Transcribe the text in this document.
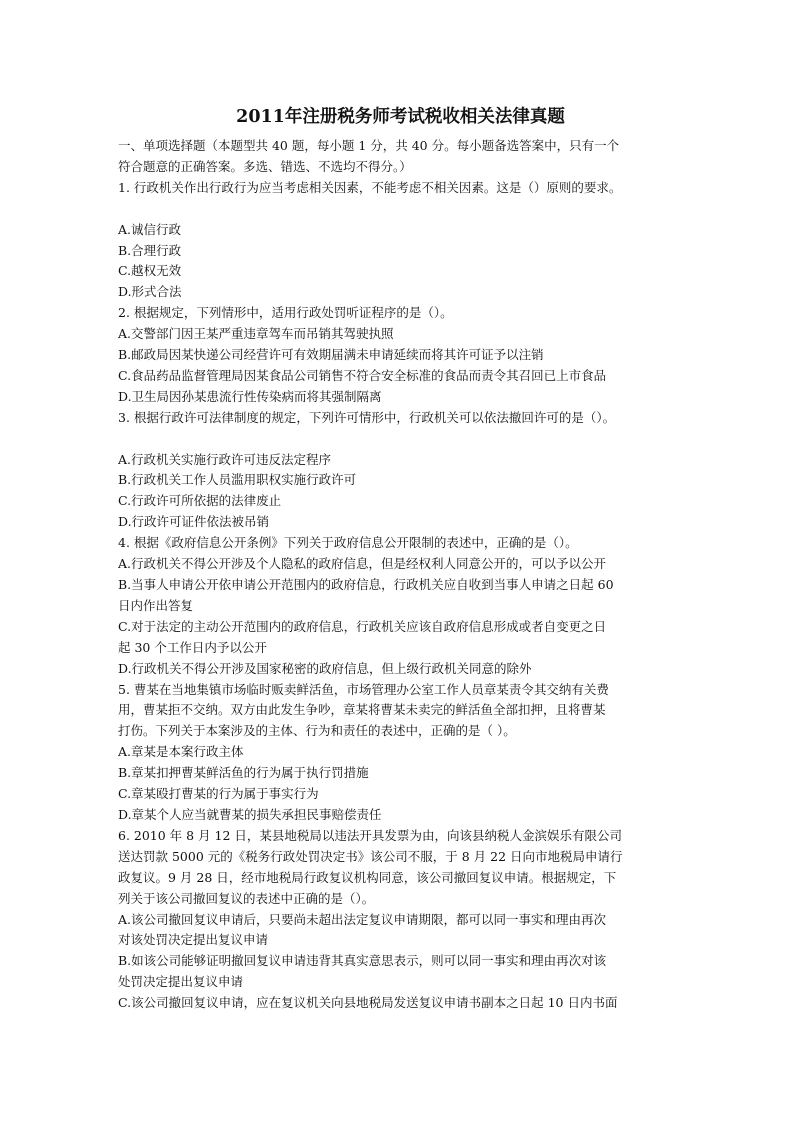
2011年注册税务师考试税收相关法律真题
一、单项选择题（本题型共 40 题，每小题 1 分，共 40 分。每小题备选答案中，只有一个
符合题意的正确答案。多选、错选、不选均不得分。）
1. 行政机关作出行政行为应当考虑相关因素，不能考虑不相关因素。这是（）原则的要求。
A.诚信行政
B.合理行政
C.越权无效
D.形式合法
2. 根据规定，下列情形中，适用行政处罚听证程序的是（）。
A.交警部门因王某严重违章驾车而吊销其驾驶执照
B.邮政局因某快递公司经营许可有效期届满未申请延续而将其许可证予以注销
C.食品药品监督管理局因某食品公司销售不符合安全标准的食品而责令其召回已上市食品
D.卫生局因孙某患流行性传染病而将其强制隔离
3. 根据行政许可法律制度的规定，下列许可情形中，行政机关可以依法撤回许可的是（）。
A.行政机关实施行政许可违反法定程序
B.行政机关工作人员滥用职权实施行政许可
C.行政许可所依据的法律废止
D.行政许可证件依法被吊销
4. 根据《政府信息公开条例》下列关于政府信息公开限制的表述中，正确的是（）。
A.行政机关不得公开涉及个人隐私的政府信息，但是经权利人同意公开的，可以予以公开
B.当事人申请公开依申请公开范围内的政府信息，行政机关应自收到当事人申请之日起 60
日内作出答复
C.对于法定的主动公开范围内的政府信息，行政机关应该自政府信息形成或者自变更之日
起 30 个工作日内予以公开
D.行政机关不得公开涉及国家秘密的政府信息，但上级行政机关同意的除外
5. 曹某在当地集镇市场临时贩卖鲜活鱼，市场管理办公室工作人员章某责令其交纳有关费
用，曹某拒不交纳。双方由此发生争吵，章某将曹某未卖完的鲜活鱼全部扣押，且将曹某
打伤。下列关于本案涉及的主体、行为和责任的表述中，正确的是（ ）。
A.章某是本案行政主体
B.章某扣押曹某鲜活鱼的行为属于执行罚措施
C.章某殴打曹某的行为属于事实行为
D.章某个人应当就曹某的损失承担民事赔偿责任
6. 2010 年 8 月 12 日，某县地税局以违法开具发票为由，向该县纳税人金滨娱乐有限公司
送达罚款 5000 元的《税务行政处罚决定书》该公司不服，于 8 月 22 日向市地税局申请行
政复议。9 月 28 日，经市地税局行政复议机构同意，该公司撤回复议申请。根据规定，下
列关于该公司撤回复议的表述中正确的是（）。
A.该公司撤回复议申请后，只要尚未超出法定复议申请期限，都可以同一事实和理由再次
对该处罚决定提出复议申请
B.如该公司能够证明撤回复议申请违背其真实意思表示，则可以同一事实和理由再次对该
处罚决定提出复议申请
C.该公司撤回复议申请，应在复议机关向县地税局发送复议申请书副本之日起 10 日内书面
